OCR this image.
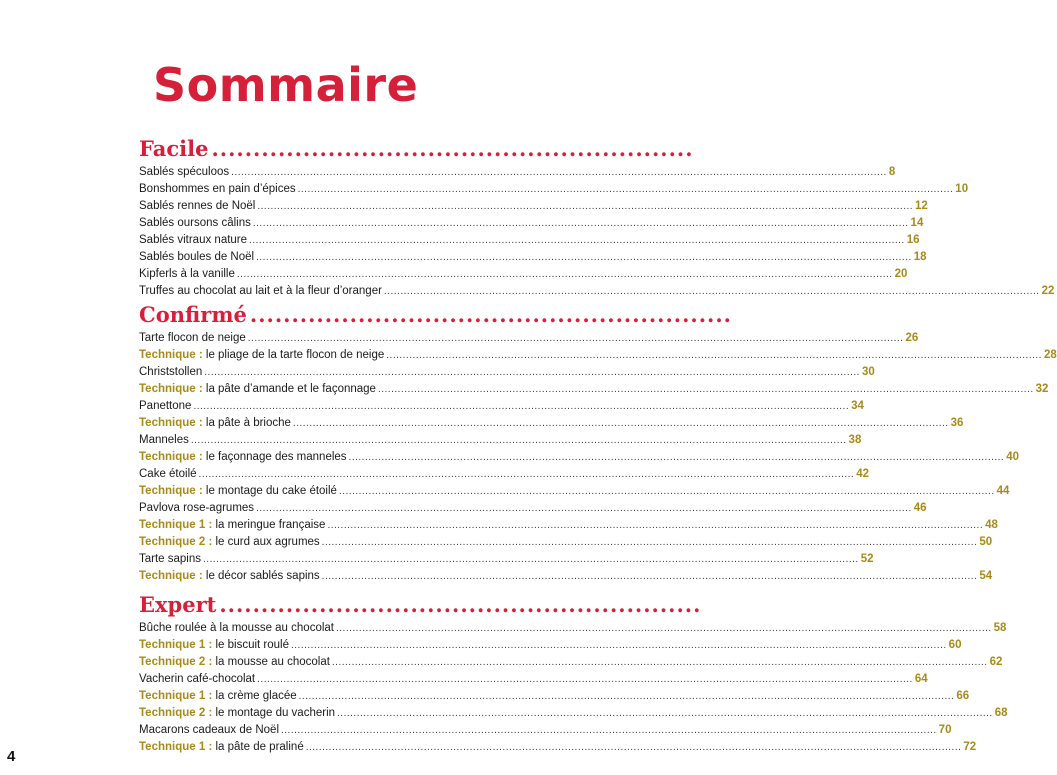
Sommaire
Facile ..........................................................
Sablés spéculoos ........................................................................................................................................................................................................ 8
Bonshommes en pain d’épices ........................................................................................................................................................................................................ 10
Sablés rennes de Noël ........................................................................................................................................................................................................ 12
Sablés oursons câlins ........................................................................................................................................................................................................ 14
Sablés vitraux nature ........................................................................................................................................................................................................ 16
Sablés boules de Noël ........................................................................................................................................................................................................ 18
Kipferls à la vanille ........................................................................................................................................................................................................ 20
Truffes au chocolat au lait et à la fleur d’oranger ........................................................................................................................................................................................................ 22
Confirmé ..........................................................
Tarte flocon de neige ........................................................................................................................................................................................................ 26
Technique : le pliage de la tarte flocon de neige ........................................................................................................................................................................................................ 28
Christstollen ........................................................................................................................................................................................................ 30
Technique : la pâte d’amande et le façonnage ........................................................................................................................................................................................................ 32
Panettone ........................................................................................................................................................................................................ 34
Technique : la pâte à brioche ........................................................................................................................................................................................................ 36
Manneles ........................................................................................................................................................................................................ 38
Technique : le façonnage des manneles ........................................................................................................................................................................................................ 40
Cake étoilé ........................................................................................................................................................................................................ 42
Technique : le montage du cake étoilé ........................................................................................................................................................................................................ 44
Pavlova rose-agrumes ........................................................................................................................................................................................................ 46
Technique 1 : la meringue française ........................................................................................................................................................................................................ 48
Technique 2 : le curd aux agrumes ........................................................................................................................................................................................................ 50
Tarte sapins ........................................................................................................................................................................................................ 52
Technique : le décor sablés sapins ........................................................................................................................................................................................................ 54
Expert ..........................................................
Bûche roulée à la mousse au chocolat ........................................................................................................................................................................................................ 58
Technique 1 : le biscuit roulé ........................................................................................................................................................................................................ 60
Technique 2 : la mousse au chocolat ........................................................................................................................................................................................................ 62
Vacherin café-chocolat ........................................................................................................................................................................................................ 64
Technique 1 : la crème glacée ........................................................................................................................................................................................................ 66
Technique 2 : le montage du vacherin ........................................................................................................................................................................................................ 68
Macarons cadeaux de Noël ........................................................................................................................................................................................................ 70
Technique 1 : la pâte de praliné ........................................................................................................................................................................................................ 72
4
